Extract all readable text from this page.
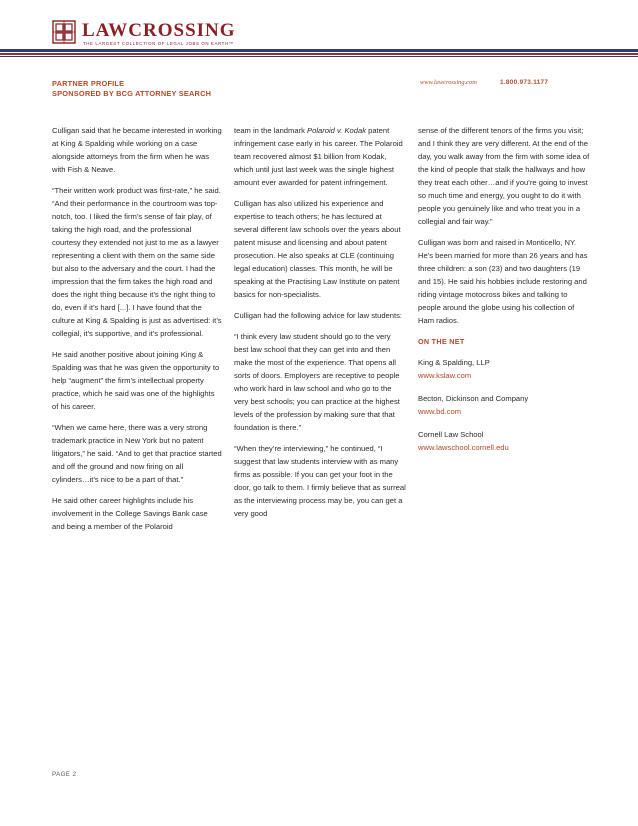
LAWCROSSING
THE LARGEST COLLECTION OF LEGAL JOBS ON EARTH™
PARTNER PROFILE
SPONSORED BY BCG ATTORNEY SEARCH
www.lawcrossing.com	1.800.973.1177

Culligan said that he became interested in working at King & Spalding while working on a case alongside attorneys from the firm when he was with Fish & Neave.

“Their written work product was first-rate,” he said. “And their performance in the courtroom was top-notch, too. I liked the firm’s sense of fair play, of taking the high road, and the professional courtesy they extended not just to me as a lawyer representing a client with them on the same side but also to the adversary and the court. I had the impression that the firm takes the high road and does the right thing because it’s the right thing to do, even if it’s hard [...]. I have found that the culture at King & Spalding is just as advertised: it’s collegial, it’s supportive, and it’s professional.

He said another positive about joining King & Spalding was that he was given the opportunity to help “augment” the firm’s intellectual property practice, which he said was one of the highlights of his career.

“When we came here, there was a very strong trademark practice in New York but no patent litigators,” he said. “And to get that practice started and off the ground and now firing on all cylinders…it’s nice to be a part of that.”

He said other career highlights include his involvement in the College Savings Bank case and being a member of the Polaroid

team in the landmark Polaroid v. Kodak patent infringement case early in his career. The Polaroid team recovered almost $1 billion from Kodak, which until just last week was the single highest amount ever awarded for patent infringement.

Culligan has also utilized his experience and expertise to teach others; he has lectured at several different law schools over the years about patent misuse and licensing and about patent prosecution. He also speaks at CLE (continuing legal education) classes. This month, he will be speaking at the Practising Law Institute on patent basics for non-specialists.

Culligan had the following advice for law students:

“I think every law student should go to the very best law school that they can get into and then make the most of the experience. That opens all sorts of doors. Employers are receptive to people who work hard in law school and who go to the very best schools; you can practice at the highest levels of the profession by making sure that that foundation is there.”

“When they’re interviewing,” he continued, “I suggest that law students interview with as many firms as possible. If you can get your foot in the door, go talk to them. I firmly believe that as surreal as the interviewing process may be, you can get a very good

sense of the different tenors of the firms you visit; and I think they are very different. At the end of the day, you walk away from the firm with some idea of the kind of people that stalk the hallways and how they treat each other…and if you’re going to invest so much time and energy, you ought to do it with people you genuinely like and who treat you in a collegial and fair way.”

Culligan was born and raised in Monticello, NY. He’s been married for more than 26 years and has three children: a son (23) and two daughters (19 and 15). He said his hobbies include restoring and riding vintage motocross bikes and talking to people around the globe using his collection of Ham radios.

ON THE NET
King & Spalding, LLP
www.kslaw.com
Becton, Dickinson and Company
www.bd.com
Cornell Law School
www.lawschool.cornell.edu
PAGE 2
